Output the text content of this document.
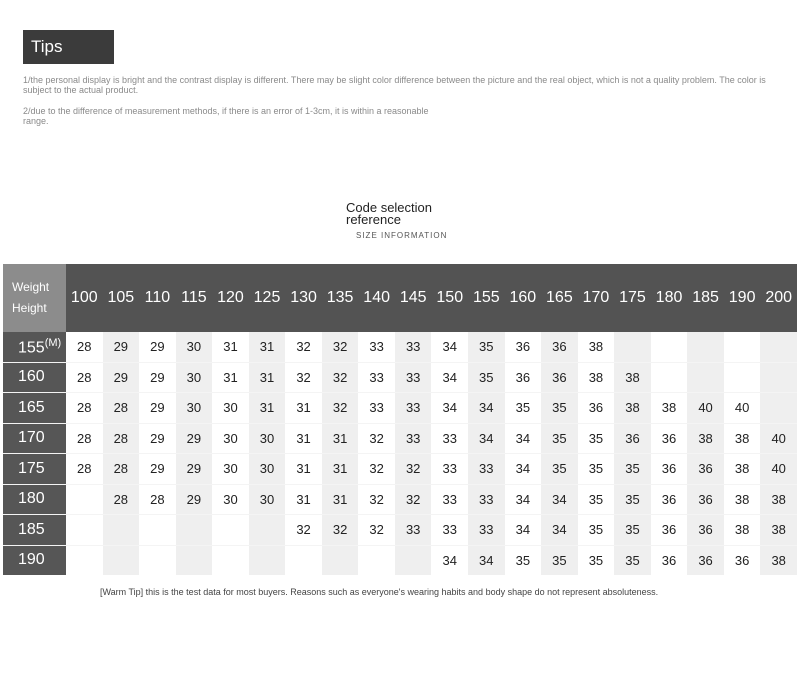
Tips
1/the personal display is bright and the contrast display is different. There may be slight color difference between the picture and the real object, which is not a quality problem. The color is subject to the actual product.
2/due to the difference of measurement methods, if there is an error of 1-3cm, it is within a reasonable range.
Code selection
reference
SIZE INFORMATION
Weight
Height	100	105	110	115	120	125	130	135	140	145	150	155	160	165	170	175	180	185	190	200
$155^{(M)}$	28	29	29	30	31	31	32	32	33	33	34	35	36	36	38					
160	28	29	29	30	31	31	32	32	33	33	34	35	36	36	38	38				
165	28	28	29	30	30	31	31	32	33	33	34	34	35	35	36	38	38	40	40	
170	28	28	29	29	30	30	31	31	32	33	33	34	34	35	35	36	36	38	38	40
175	28	28	29	29	30	30	31	31	32	32	33	33	34	35	35	35	36	36	38	40
180		28	28	29	30	30	31	31	32	32	33	33	34	34	35	35	36	36	38	38
185							32	32	32	33	33	33	34	34	35	35	36	36	38	38
190											34	34	35	35	35	35	36	36	36	38
[Warm Tip] this is the test data for most buyers. Reasons such as everyone's wearing habits and body shape do not represent absoluteness.
